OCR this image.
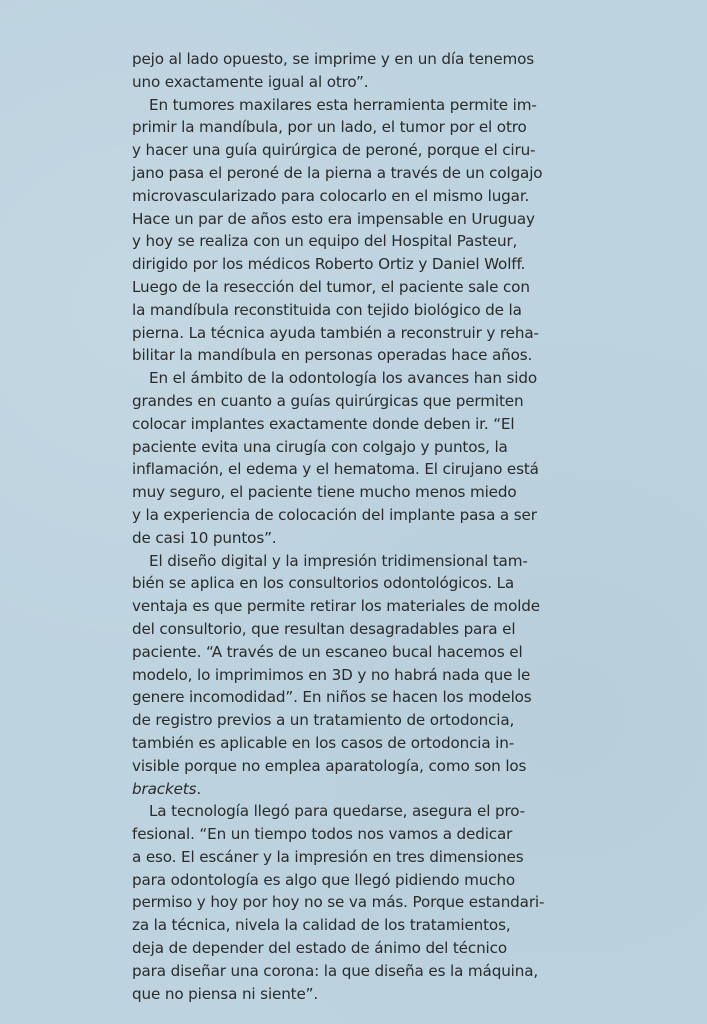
pejo al lado opuesto, se imprime y en un día tenemos
uno exactamente igual al otro”.
En tumores maxilares esta herramienta permite im-
primir la mandíbula, por un lado, el tumor por el otro
y hacer una guía quirúrgica de peroné, porque el ciru-
jano pasa el peroné de la pierna a través de un colgajo
microvascularizado para colocarlo en el mismo lugar.
Hace un par de años esto era impensable en Uruguay
y hoy se realiza con un equipo del Hospital Pasteur,
dirigido por los médicos Roberto Ortiz y Daniel Wolff.
Luego de la resección del tumor, el paciente sale con
la mandíbula reconstituida con tejido biológico de la
pierna. La técnica ayuda también a reconstruir y reha-
bilitar la mandíbula en personas operadas hace años.
En el ámbito de la odontología los avances han sido
grandes en cuanto a guías quirúrgicas que permiten
colocar implantes exactamente donde deben ir. “El
paciente evita una cirugía con colgajo y puntos, la
inflamación, el edema y el hematoma. El cirujano está
muy seguro, el paciente tiene mucho menos miedo
y la experiencia de colocación del implante pasa a ser
de casi 10 puntos”.
El diseño digital y la impresión tridimensional tam-
bién se aplica en los consultorios odontológicos. La
ventaja es que permite retirar los materiales de molde
del consultorio, que resultan desagradables para el
paciente. “A través de un escaneo bucal hacemos el
modelo, lo imprimimos en 3D y no habrá nada que le
genere incomodidad”. En niños se hacen los modelos
de registro previos a un tratamiento de ortodoncia,
también es aplicable en los casos de ortodoncia in-
visible porque no emplea aparatología, como son los
brackets.
La tecnología llegó para quedarse, asegura el pro-
fesional. “En un tiempo todos nos vamos a dedicar
a eso. El escáner y la impresión en tres dimensiones
para odontología es algo que llegó pidiendo mucho
permiso y hoy por hoy no se va más. Porque estandari-
za la técnica, nivela la calidad de los tratamientos,
deja de depender del estado de ánimo del técnico
para diseñar una corona: la que diseña es la máquina,
que no piensa ni siente”.
